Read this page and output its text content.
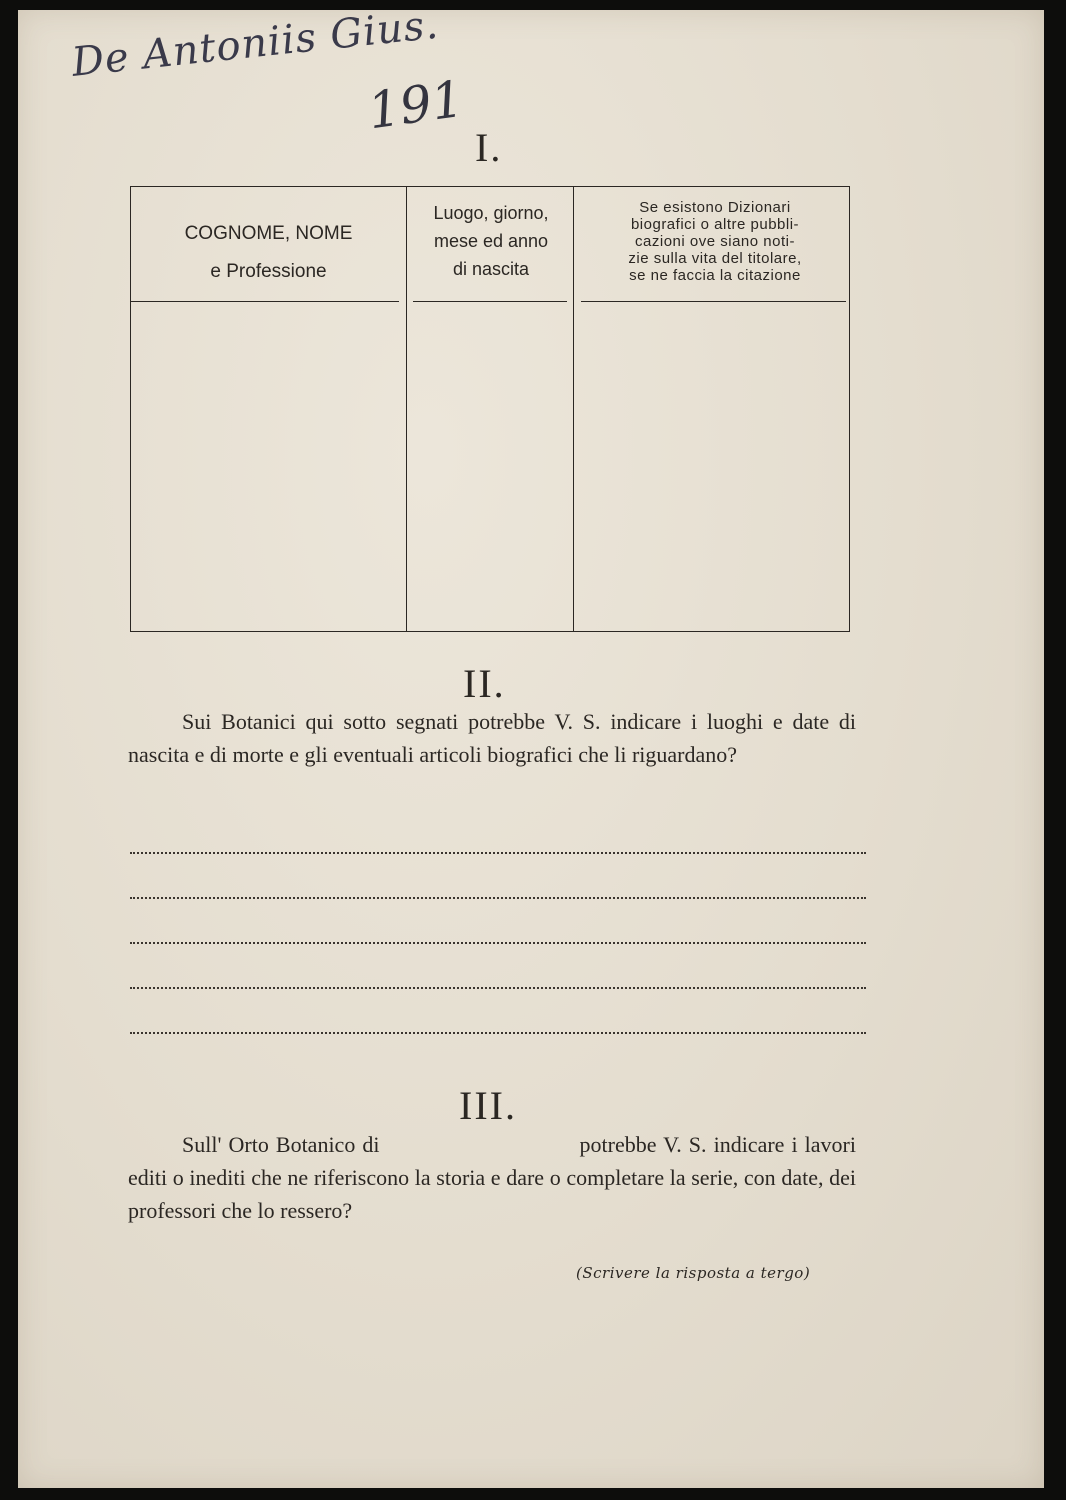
De Antoniis Gius.
191
I.
COGNOME, NOME
e Professione
Luogo, giorno,
mese ed anno
di nascita
Se esistono Dizionari
biografici o altre pubbli-
cazioni ove siano noti-
zie sulla vita del titolare,
se ne faccia la citazione
II.
Sui Botanici qui sotto segnati potrebbe V. S. indicare i luoghi e date di nascita e di morte e gli eventuali articoli biografici che li riguardano?
III.
Sull' Orto Botanico di	potrebbe V. S. indicare i lavori editi o inediti che ne riferiscono la storia e dare o completare la serie, con date, dei professori che lo ressero?
(Scrivere la risposta a tergo)
